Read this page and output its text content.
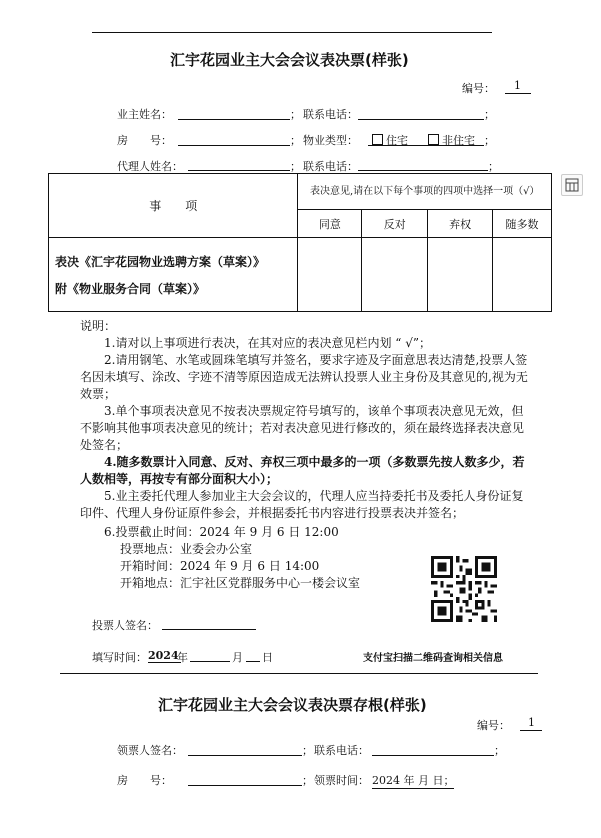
汇宇花园业主大会会议表决票(样张)
编号： 1
业主姓名：	； 联系电话：	；
房　　号：	； 物业类型：	住宅	非住宅 ；
代理人姓名：	； 联系电话：	；
事　　项	表决意见,请在以下每个事项的四项中选择一项（√）			
	同意	反对	弃权	随多数

表决《汇宇花园物业选聘方案（草案）》
附《物业服务合同（草案）》				

说明：

1.请对以上事项进行表决，在其对应的表决意见栏内划 “ √”；

2.请用钢笔、水笔或圆珠笔填写并签名，要求字迹及字面意思表达清楚,投票人签名因未填写、涂改、字迹不清等原因造成无法辨认投票人业主身份及其意见的,视为无效票；

3.单个事项表决意见不按表决票规定符号填写的，该单个事项表决意见无效，但不影响其他事项表决意见的统计；若对表决意见进行修改的，须在最终选择表决意见处签名；

4.随多数票计入同意、反对、弃权三项中最多的一项（多数票先按人数多少，若人数相等，再按专有部分面积大小）；

5.业主委托代理人参加业主大会会议的，代理人应当持委托书及委托人身份证复印件、代理人身份证原件参会，并根据委托书内容进行投票表决并签名；

6.投票截止时间：2024 年 9 月 6 日 12:00

投票地点：业委会办公室

开箱时间：2024 年 9 月 6 日 14:00

开箱地点：汇宇社区党群服务中心一楼会议室

投票人签名：
填写时间： 2024
年	月 日	支付宝扫描二维码查询相关信息
汇宇花园业主大会会议表决票存根(样张)
编号： 1
领票人签名：	； 联系电话：	；
房　　号：	； 领票时间： 2024 年 月 日；
